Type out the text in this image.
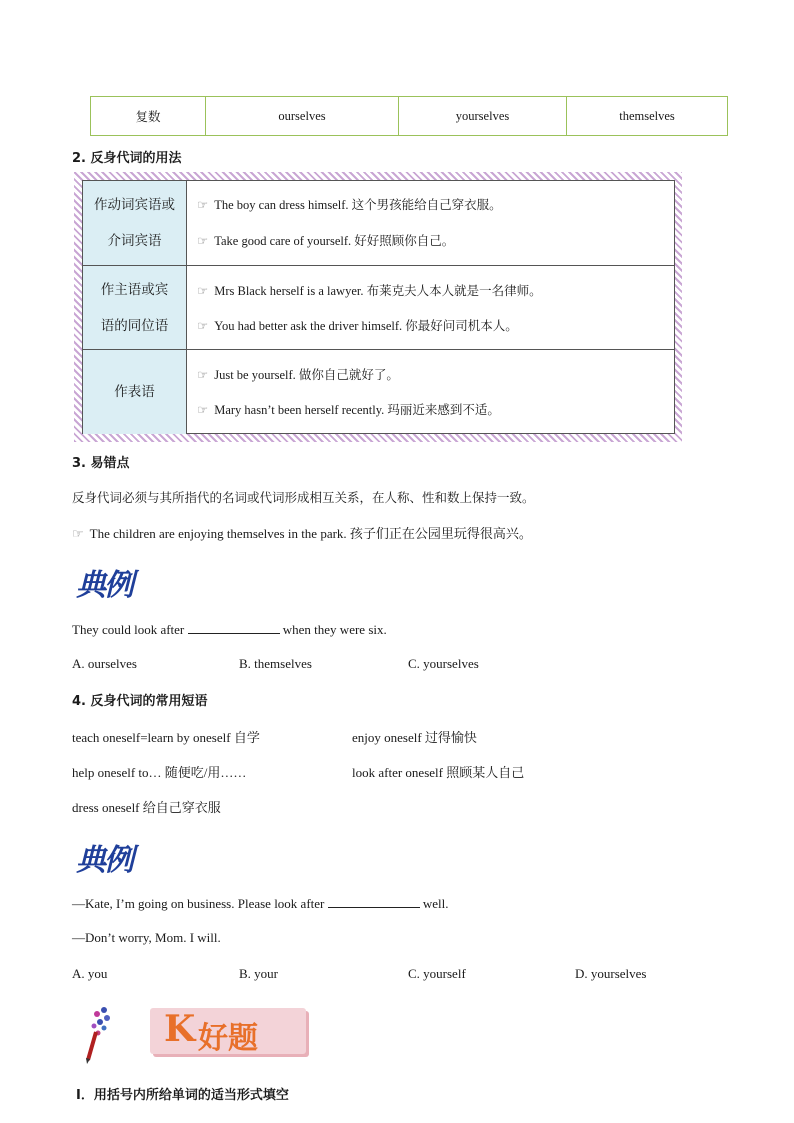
复数	ourselves	yourselves	themselves
2. 反身代词的用法
作动词宾语或
介词宾语
☞ The boy can dress himself. 这个男孩能给自己穿衣服。
☞ Take good care of yourself. 好好照顾你自己。
作主语或宾
语的同位语
☞ Mrs Black herself is a lawyer. 布莱克夫人本人就是一名律师。
☞ You had better ask the driver himself. 你最好问司机本人。
作表语
☞ Just be yourself. 做你自己就好了。
☞ Mary hasn’t been herself recently. 玛丽近来感到不适。
3. 易错点
反身代词必须与其所指代的名词或代词形成相互关系，在人称、性和数上保持一致。
☞ The children are enjoying themselves in the park. 孩子们正在公园里玩得很高兴。
典例
They could look after	when they were six.
A. ourselves	B. themselves	C. yourselves
4. 反身代词的常用短语
teach oneself=learn by oneself 自学	enjoy oneself 过得愉快
help oneself to… 随便吃/用……	look after oneself 照顾某人自己
dress oneself 给自己穿衣服
典例
—Kate, I’m going on business. Please look after	well.
—Don’t worry, Mom. I will.
A. you	B. your	C. yourself	D. yourselves
K 好题
I．用括号内所给单词的适当形式填空
